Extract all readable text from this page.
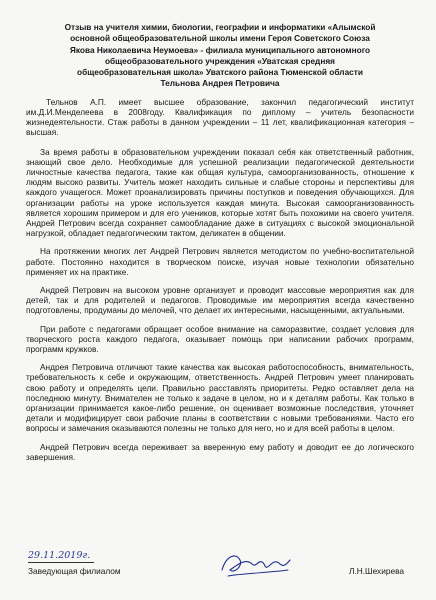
Отзыв на учителя химии, биологии, географии и информатики «Алымской
основной общеобразовательной школы имени Героя Советского Союза
Якова Николаевича Неумоева» - филиала муниципального автономного
общеобразовательного учреждения «Уватская средняя
общеобразовательная школа» Уватского района Тюменской области
Тельнова Андрея Петровича

Тельнов А.П. имеет высшее образование, закончил педагогический институт им.Д.И.Менделеева в 2008году. Квалификация по диплому – учитель безопасности жизнедеятельности. Стаж работы в данном учреждении – 11 лет, квалификационная категория – высшая.

За время работы в образовательном учреждении показал себя как ответственный работник, знающий свое дело. Необходимые для успешной реализации педагогической деятельности личностные качества педагога, такие как общая культура, самоорганизованность, отношение к людям высоко развиты. Учитель может находить сильные и слабые стороны и перспективы для каждого учащегося. Может проанализировать причины поступков и поведения обучающихся. Для организации работы на уроке используется каждая минута. Высокая самоорганизованность является хорошим примером и для его учеников, которые хотят быть похожими на своего учителя. Андрей Петрович всегда сохраняет самообладание даже в ситуациях с высокой эмоциональной нагрузкой, обладает педагогическим тактом, деликатен в общении.

На протяжении многих лет Андрей Петрович является методистом по учебно-воспитательной работе. Постоянно находится в творческом поиске, изучая новые технологии обязательно применяет их на практике.

Андрей Петрович на высоком уровне организует и проводит массовые мероприятия как для детей, так и для родителей и педагогов. Проводимые им мероприятия всегда качественно подготовлены, продуманы до мелочей, что делает их интересными, насыщенными, актуальными.

При работе с педагогами обращает особое внимание на саморазвитие, создает условия для творческого роста каждого педагога, оказывает помощь при написании рабочих программ, программ кружков.

Андрея Петровича отличают такие качества как высокая работоспособность, внимательность, требовательность к себе и окружающим, ответственность. Андрей Петрович умеет планировать свою работу и определять цели. Правильно расставлять приоритеты. Редко оставляет дела на последнюю минуту. Внимателен не только к задаче в целом, но и к деталям работы. Как только в организации принимается какое-либо решение, он оценивает возможные последствия, уточняет детали и модифицирует свои рабочие планы в соответствии с новыми требованиями. Часто его вопросы и замечания оказываются полезны не только для него, но и для всей работы в целом.

Андрей Петрович всегда переживает за вверенную ему работу и доводит ее до логического завершения.

29.11.2019г.
Заведующая филиалом	Л.Н.Шехирева
